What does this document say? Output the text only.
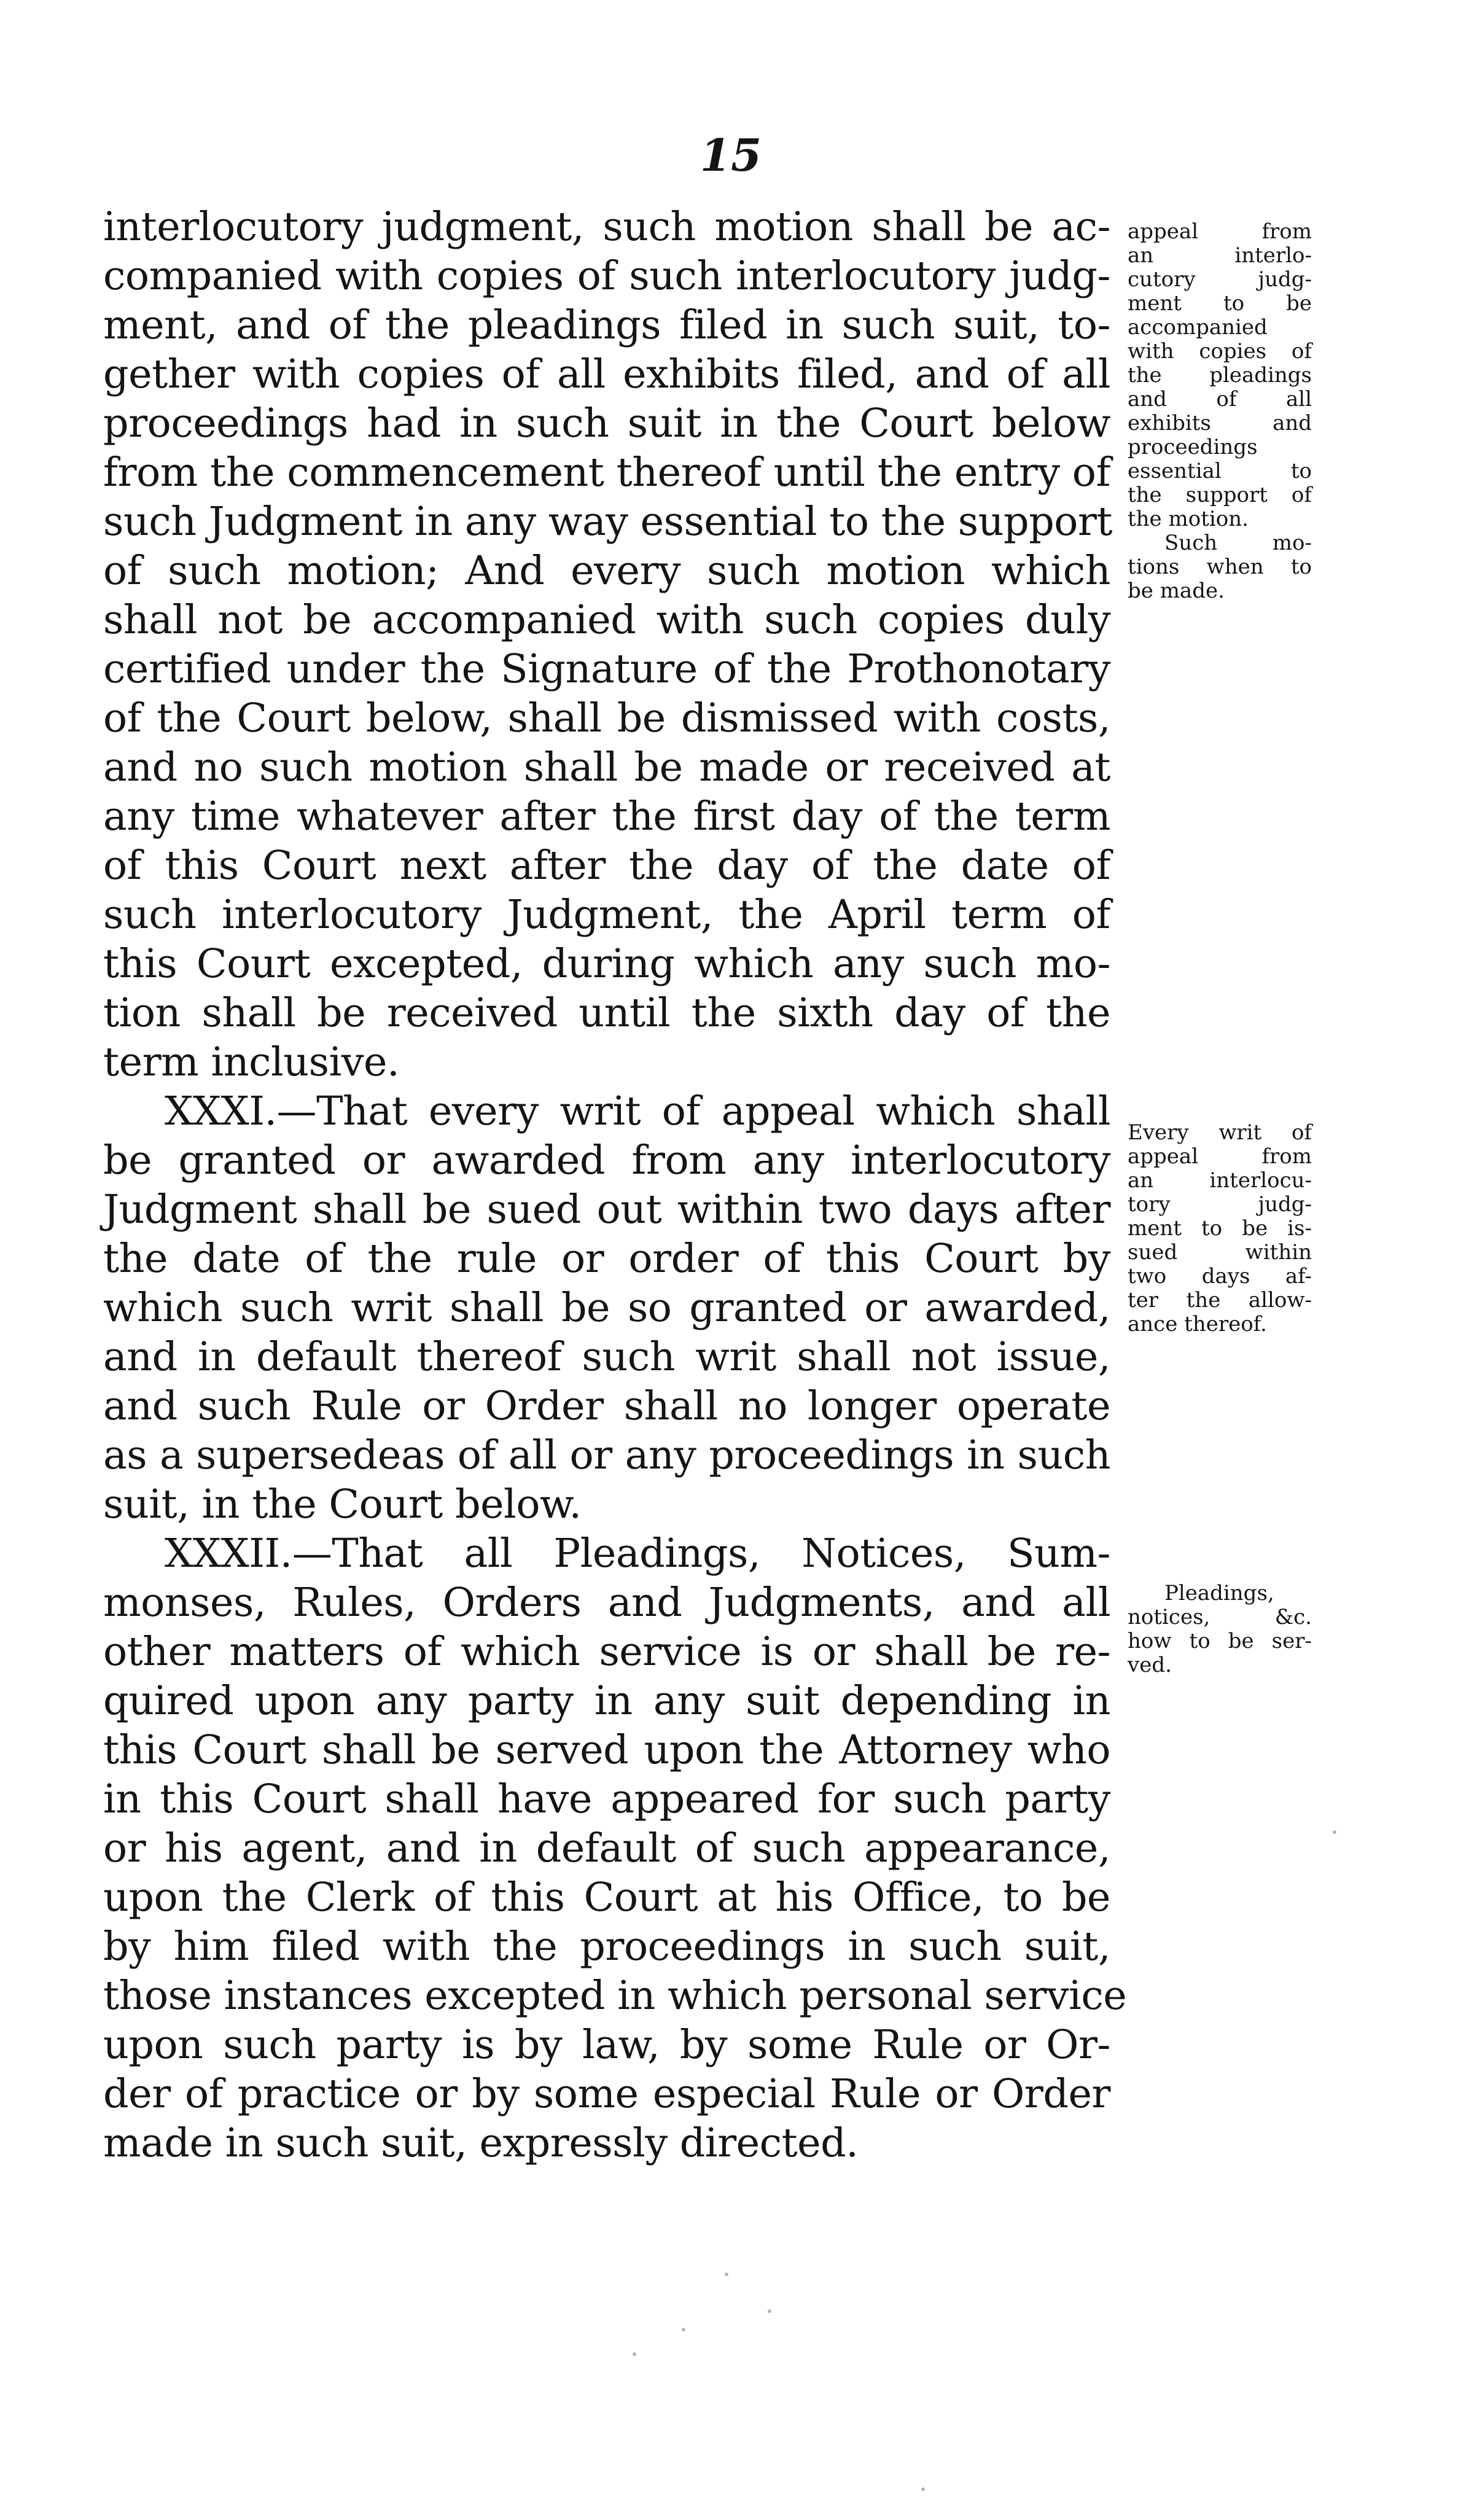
15
interlocutory judgment, such motion shall be ac-
companied with copies of such interlocutory judg-
ment, and of the pleadings filed in such suit, to-
gether with copies of all exhibits filed, and of all
proceedings had in such suit in the Court below
from the commencement thereof until the entry of
such Judgment in any way essential to the support
of such motion; And every such motion which
shall not be accompanied with such copies duly
certified under the Signature of the Prothonotary
of the Court below, shall be dismissed with costs,
and no such motion shall be made or received at
any time whatever after the first day of the term
of this Court next after the day of the date of
such interlocutory Judgment, the April term of
this Court excepted, during which any such mo-
tion shall be received until the sixth day of the
term inclusive.
XXXI.—That every writ of appeal which shall
be granted or awarded from any interlocutory
Judgment shall be sued out within two days after
the date of the rule or order of this Court by
which such writ shall be so granted or awarded,
and in default thereof such writ shall not issue,
and such Rule or Order shall no longer operate
as a supersedeas of all or any proceedings in such
suit, in the Court below.
XXXII.—That all Pleadings, Notices, Sum-
monses, Rules, Orders and Judgments, and all
other matters of which service is or shall be re-
quired upon any party in any suit depending in
this Court shall be served upon the Attorney who
in this Court shall have appeared for such party
or his agent, and in default of such appearance,
upon the Clerk of this Court at his Office, to be
by him filed with the proceedings in such suit,
those instances excepted in which personal service
upon such party is by law, by some Rule or Or-
der of practice or by some especial Rule or Order
made in such suit, expressly directed.
appeal from
an interlo-
cutory judg-
ment to be
accompanied
with copies of
the pleadings
and of all
exhibits and
proceedings
essential to
the support of
the motion.
Such mo-
tions when to
be made.
Every writ of
appeal from
an interlocu-
tory judg-
ment to be is-
sued within
two days af-
ter the allow-
ance thereof.
Pleadings,
notices, &c.
how to be ser-
ved.
